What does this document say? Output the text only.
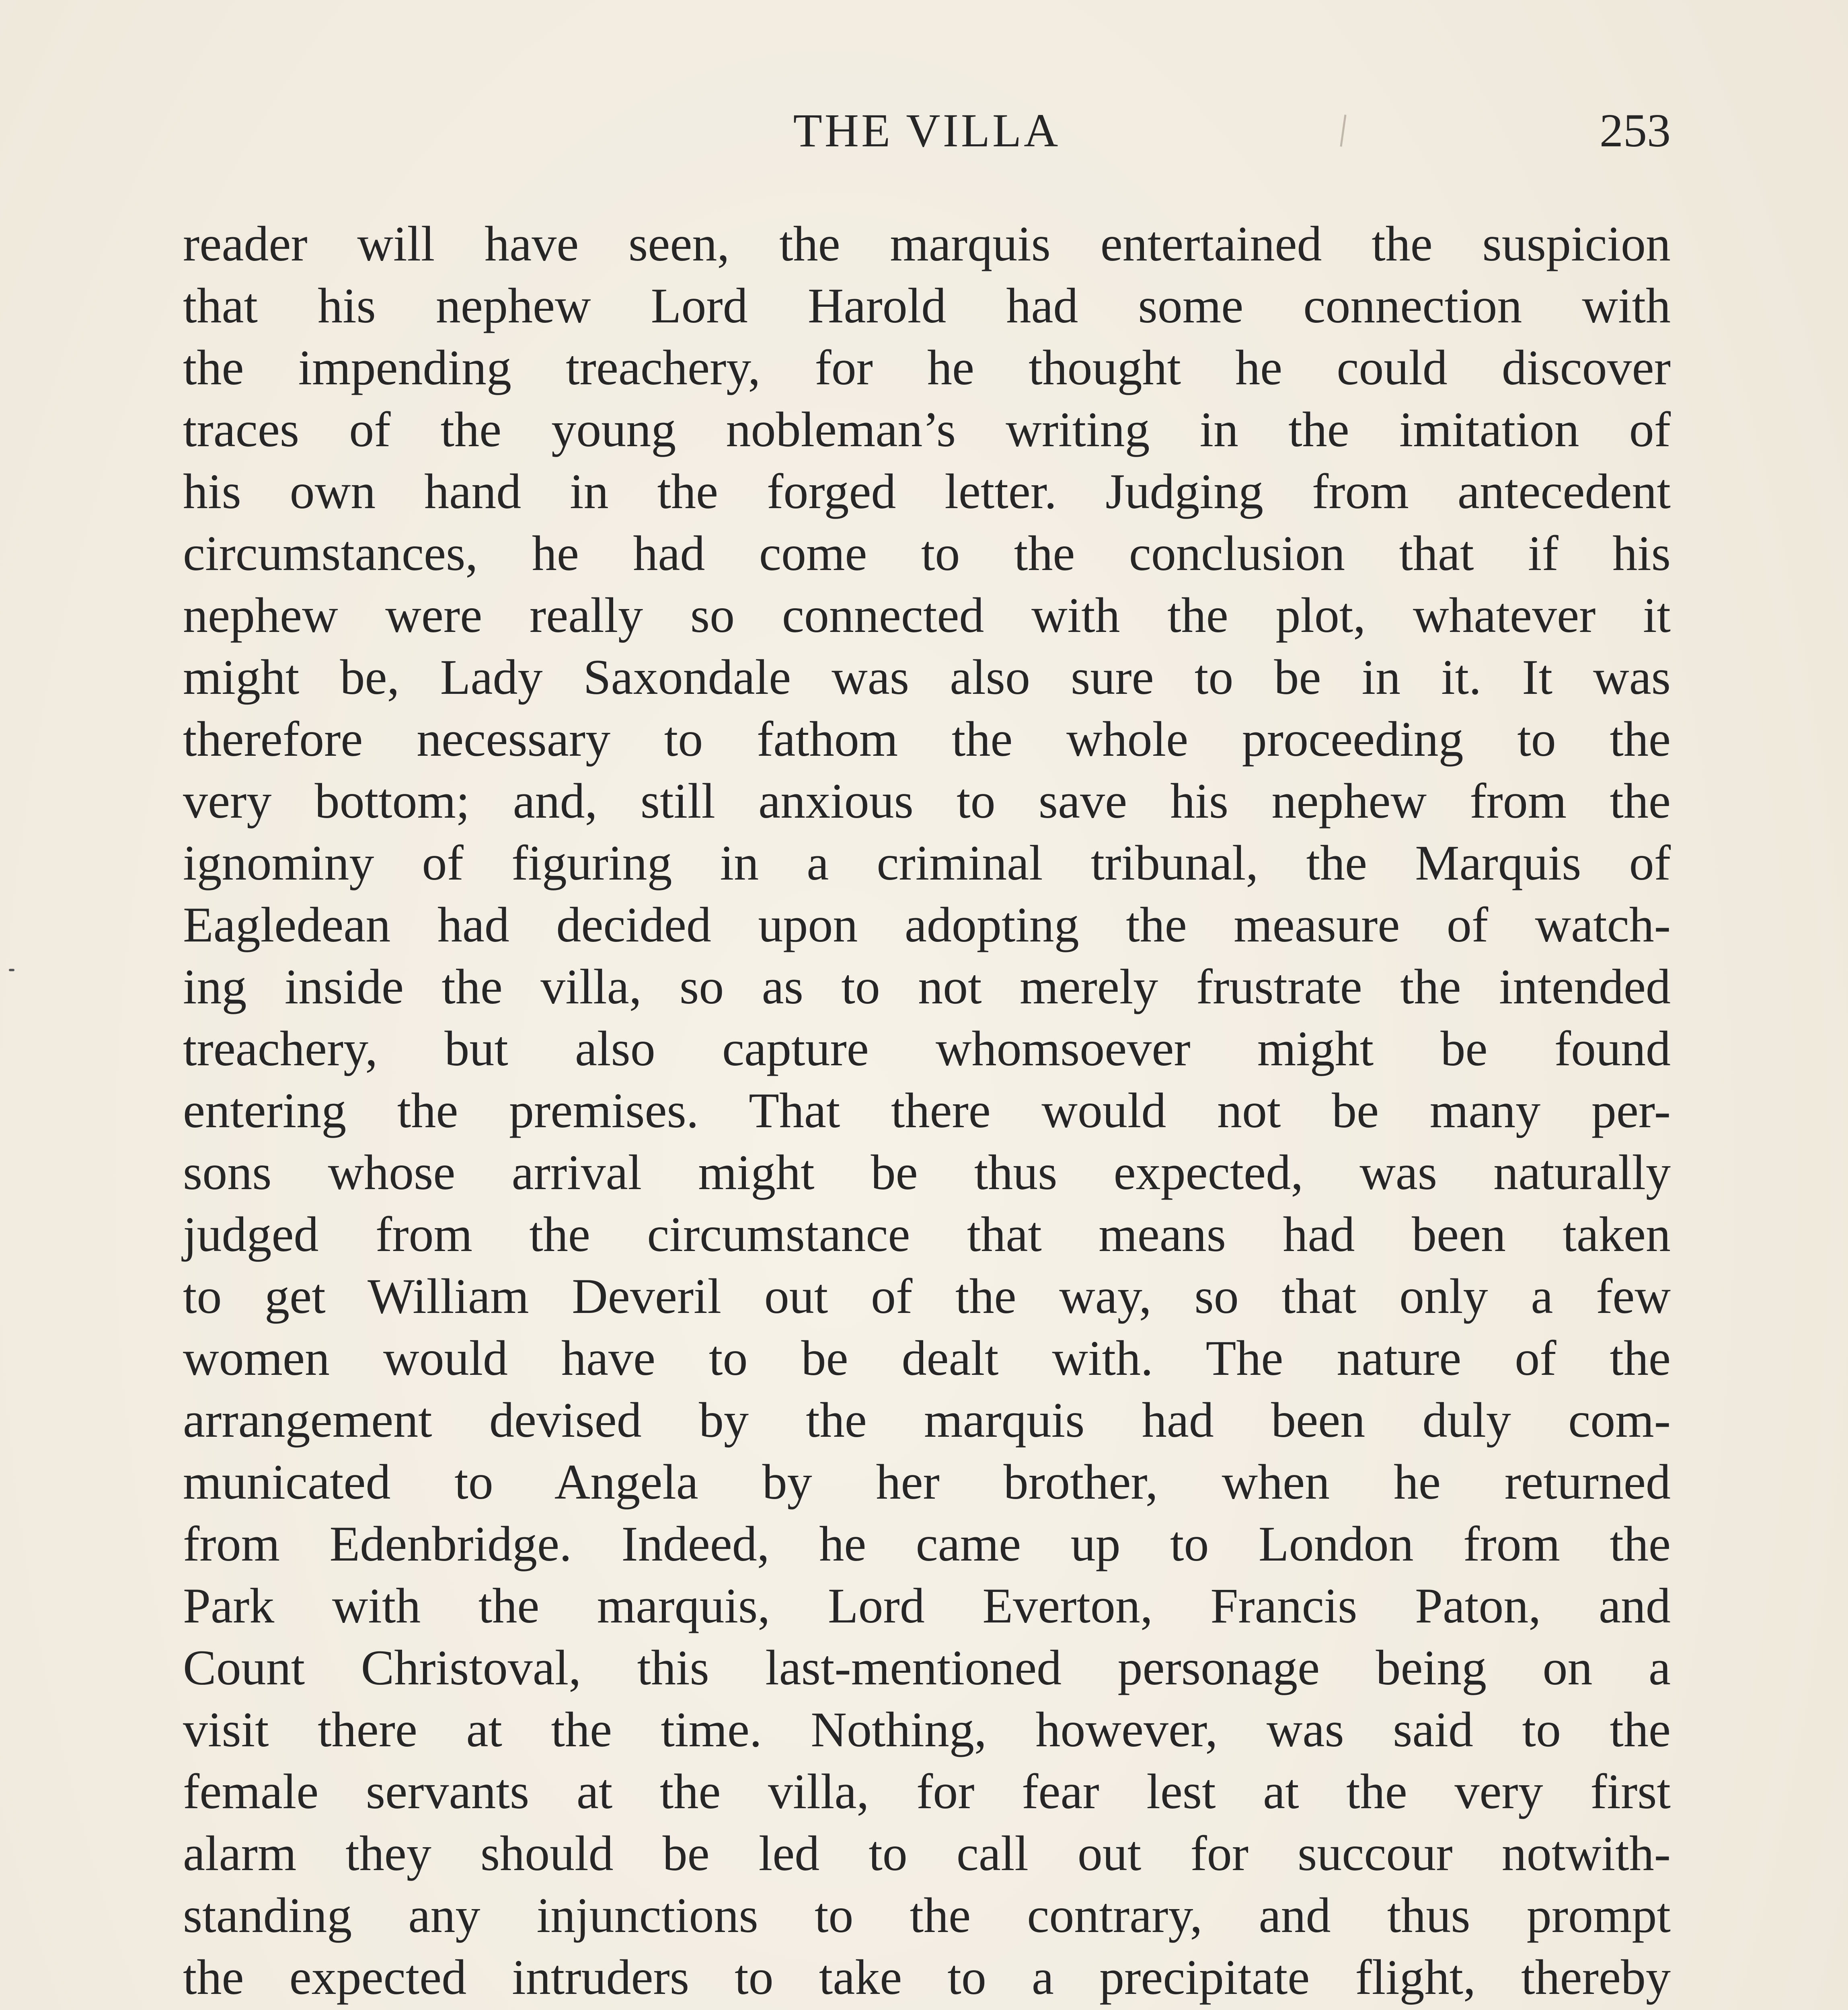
THE VILLA	253
reader will have seen, the marquis entertained the suspicion
that his nephew Lord Harold had some connection with
the impending treachery, for he thought he could discover
traces of the young nobleman’s writing in the imitation of
his own hand in the forged letter. Judging from antecedent
circumstances, he had come to the conclusion that if his
nephew were really so connected with the plot, whatever it
might be, Lady Saxondale was also sure to be in it. It was
therefore necessary to fathom the whole proceeding to the
very bottom; and, still anxious to save his nephew from the
ignominy of figuring in a criminal tribunal, the Marquis of
Eagledean had decided upon adopting the measure of watch-
ing inside the villa, so as to not merely frustrate the intended
treachery, but also capture whomsoever might be found
entering the premises. That there would not be many per-
sons whose arrival might be thus expected, was naturally
judged from the circumstance that means had been taken
to get William Deveril out of the way, so that only a few
women would have to be dealt with. The nature of the
arrangement devised by the marquis had been duly com-
municated to Angela by her brother, when he returned
from Edenbridge. Indeed, he came up to London from the
Park with the marquis, Lord Everton, Francis Paton, and
Count Christoval, this last-mentioned personage being on a
visit there at the time. Nothing, however, was said to the
female servants at the villa, for fear lest at the very first
alarm they should be led to call out for succour notwith-
standing any injunctions to the contrary, and thus prompt
the expected intruders to take to a precipitate flight, thereby
